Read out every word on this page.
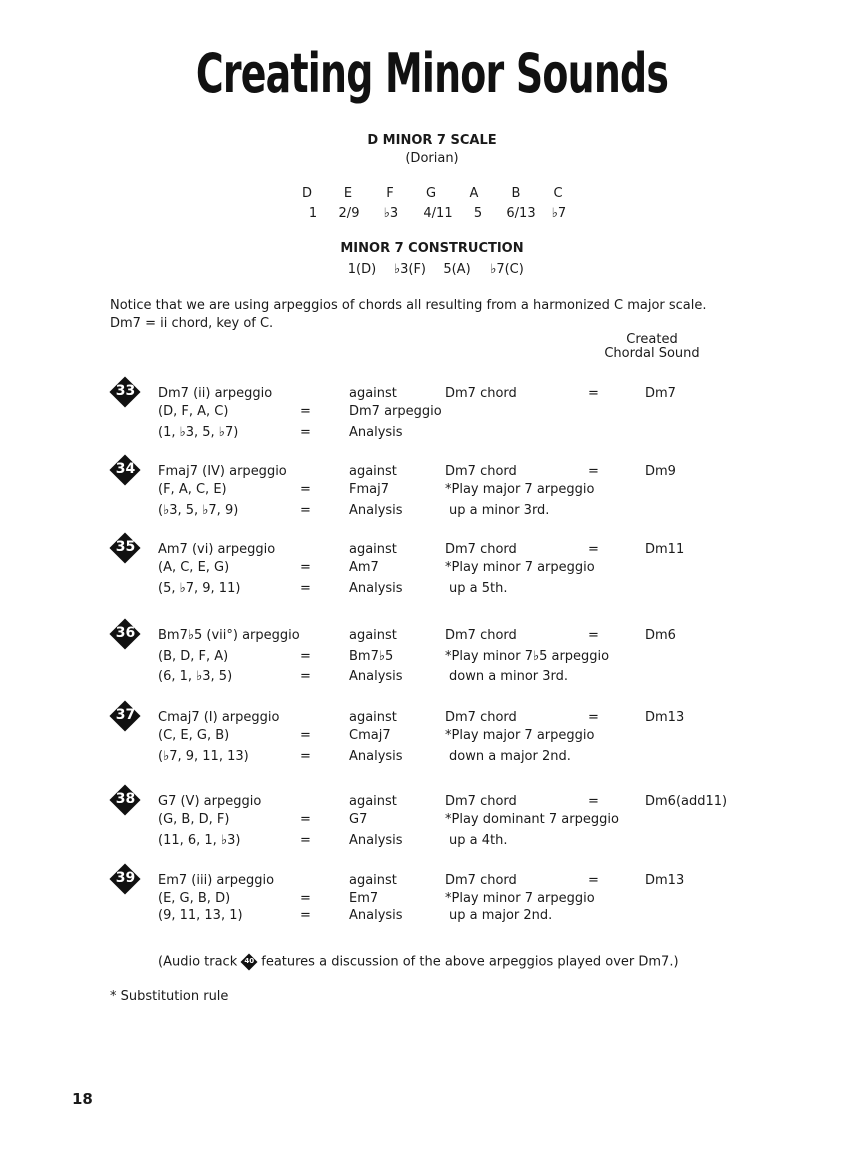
Creating Minor Sounds
D MINOR 7 SCALE
(Dorian)
D E	F G	A	B	C
1 2/9 ♭3 4/11 5 6/13 ♭7
MINOR 7 CONSTRUCTION
1(D) ♭3(F) 5(A) ♭7(C)
Notice that we are using arpeggios of chords all resulting from a harmonized C major scale.
Dm7 = ii chord, key of C.
Created
Chordal Sound
33	Dm7 (ii) arpeggio	against	Dm7 chord	=	Dm7
(D, F, A, C)	=	Dm7 arpeggio
(1, ♭3, 5, ♭7)	=	Analysis
34	Fmaj7 (IV) arpeggio	against	Dm7 chord	=	Dm9
(F, A, C, E)	=	Fmaj7	*Play major 7 arpeggio
(♭3, 5, ♭7, 9)	=	Analysis	up a minor 3rd.
35	Am7 (vi) arpeggio	against	Dm7 chord	=	Dm11
(A, C, E, G)	=	Am7	*Play minor 7 arpeggio
(5, ♭7, 9, 11)	=	Analysis	up a 5th.
36	Bm7♭5 (vii°) arpeggio	against	Dm7 chord	=	Dm6
(B, D, F, A)	=	Bm7♭5	*Play minor 7♭5 arpeggio
(6, 1, ♭3, 5)	=	Analysis	down a minor 3rd.
37	Cmaj7 (I) arpeggio	against	Dm7 chord	=	Dm13
(C, E, G, B)	=	Cmaj7	*Play major 7 arpeggio
(♭7, 9, 11, 13)	=	Analysis	down a major 2nd.
38	G7 (V) arpeggio	against	Dm7 chord	=	Dm6(add11)
(G, B, D, F)	=	G7	*Play dominant 7 arpeggio
(11, 6, 1, ♭3)	=	Analysis	up a 4th.
39	Em7 (iii) arpeggio	against	Dm7 chord	=	Dm13
(E, G, B, D)	=	Em7	*Play minor 7 arpeggio
(9, 11, 13, 1)	=	Analysis	up a major 2nd.
(Audio track	40 features a discussion of the above arpeggios played over Dm7.)
* Substitution rule
18
